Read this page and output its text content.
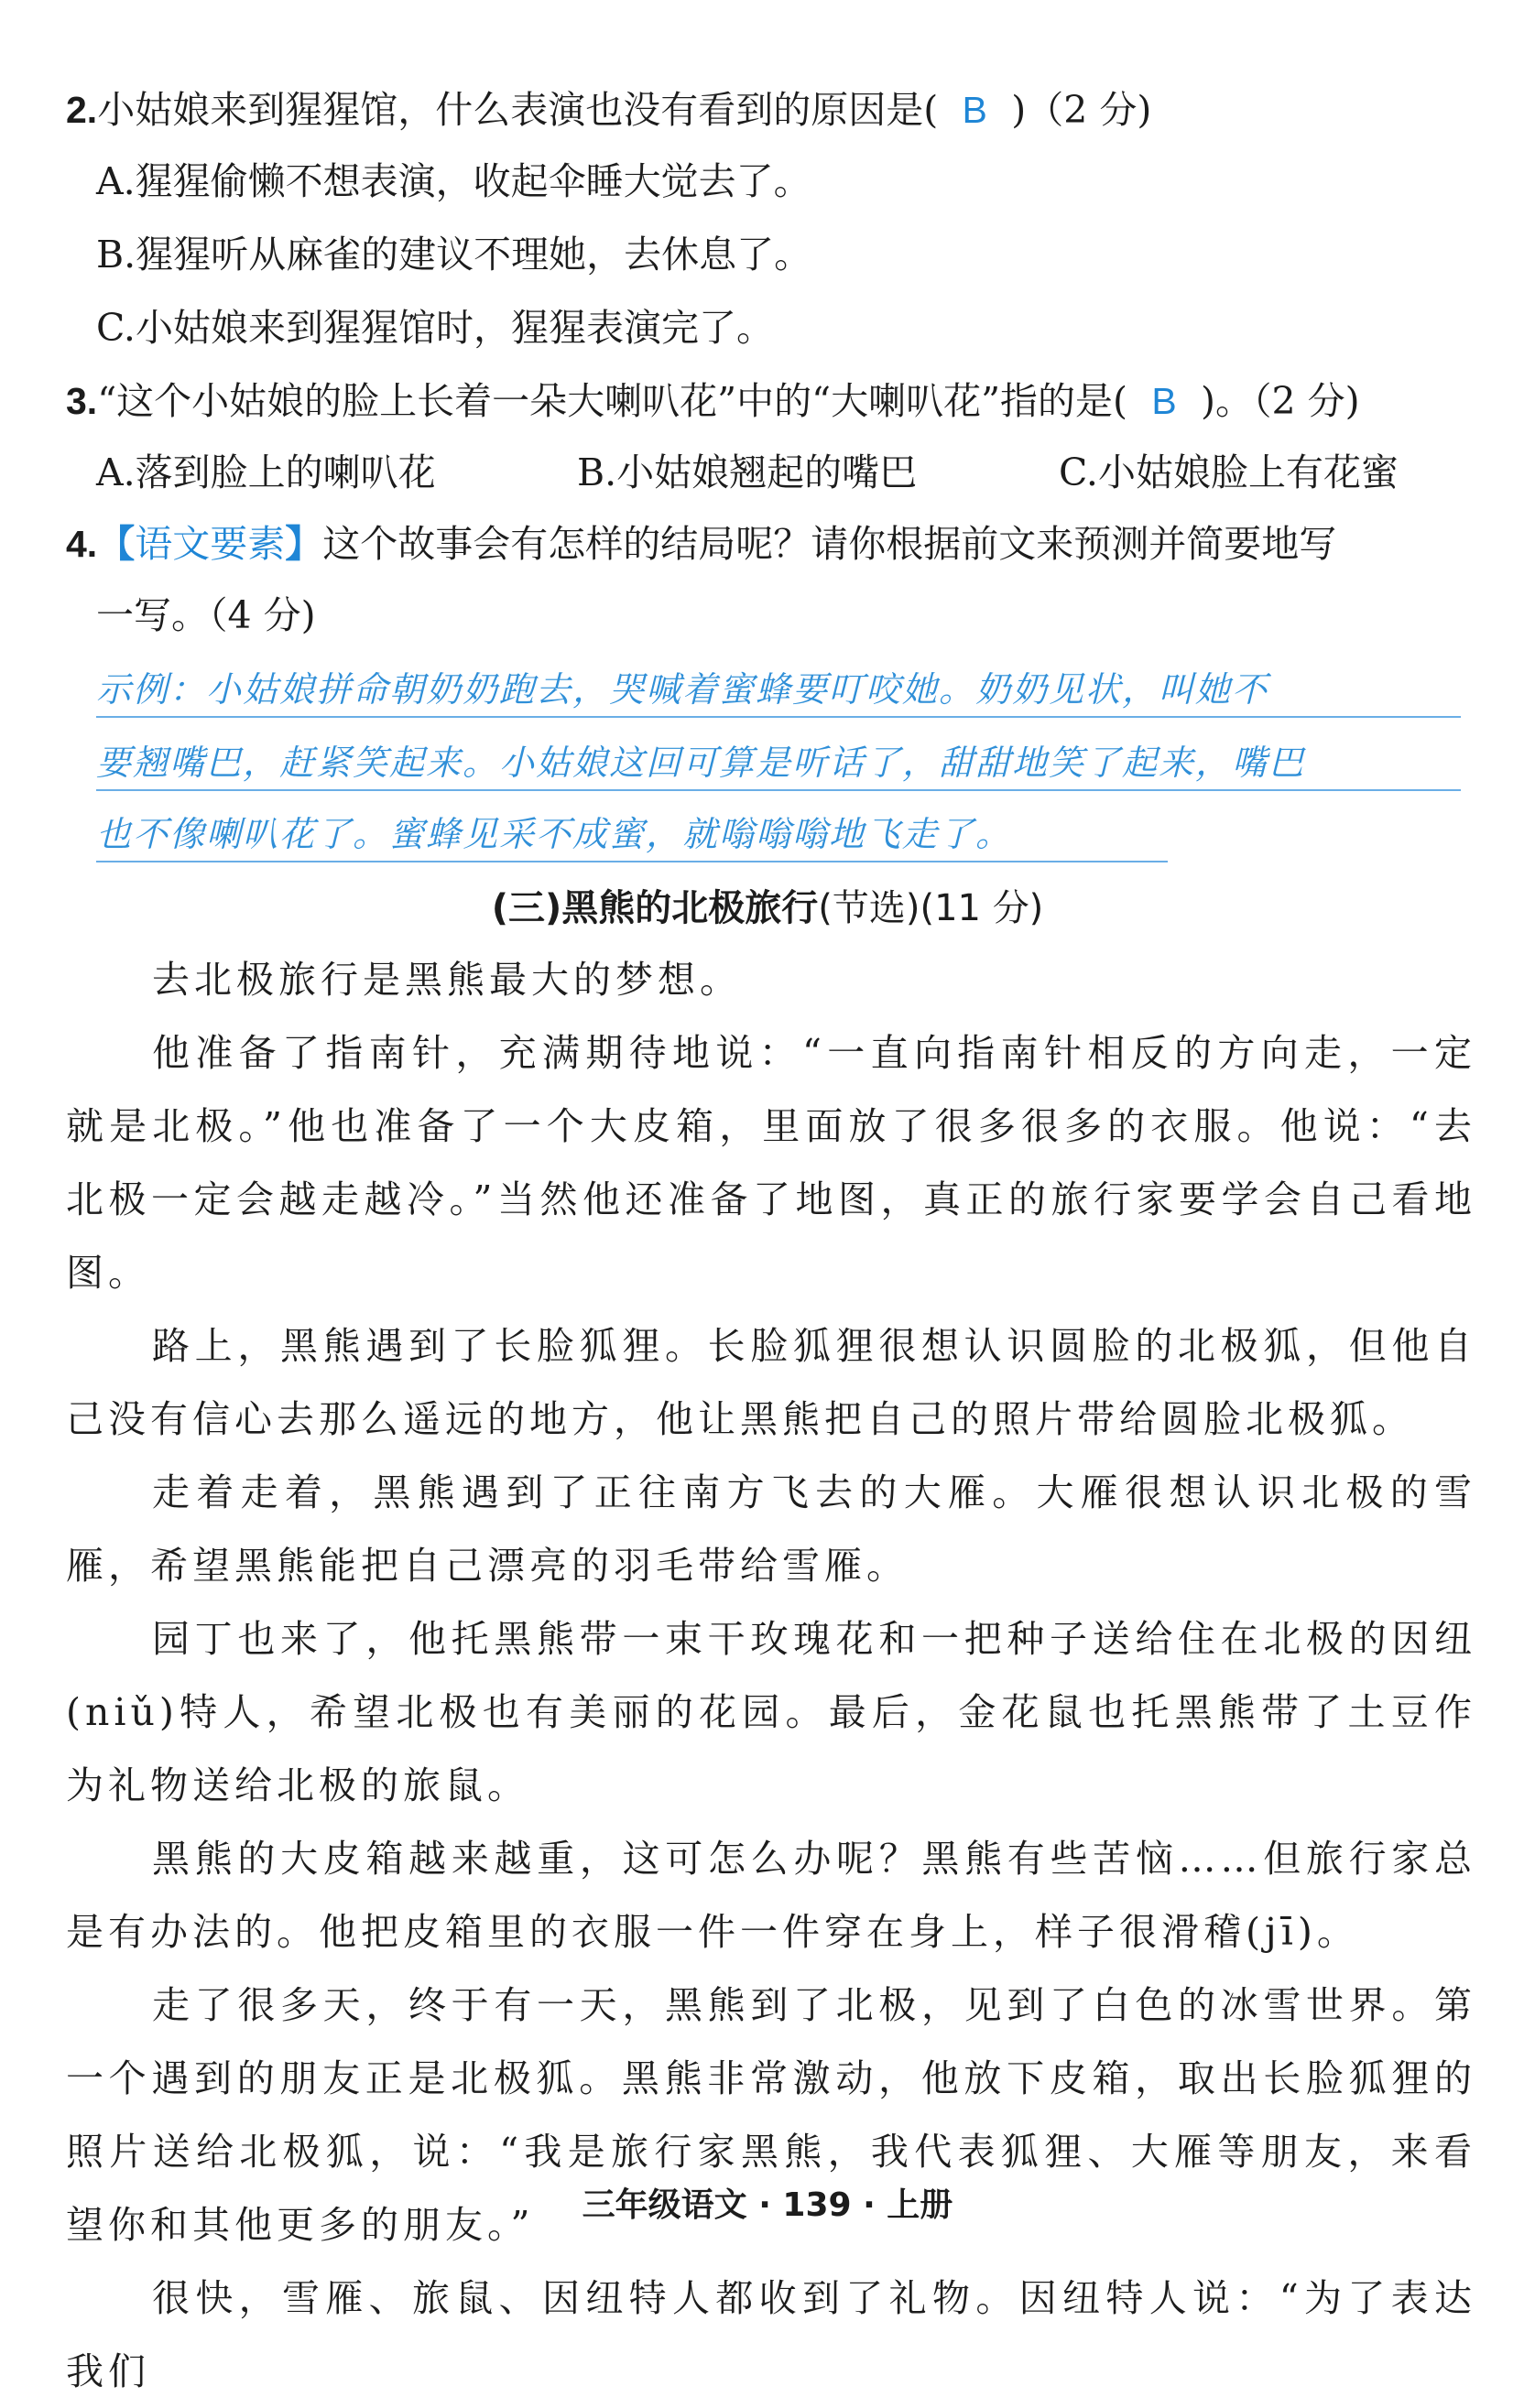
2.小姑娘来到猩猩馆，什么表演也没有看到的原因是( B )（2 分)
A.猩猩偷懒不想表演，收起伞睡大觉去了。
B.猩猩听从麻雀的建议不理她，去休息了。
C.小姑娘来到猩猩馆时，猩猩表演完了。
3.“这个小姑娘的脸上长着一朵大喇叭花”中的“大喇叭花”指的是( B )。（2 分)
A.落到脸上的喇叭花	B.小姑娘翘起的嘴巴	C.小姑娘脸上有花蜜
4.【语文要素】这个故事会有怎样的结局呢？请你根据前文来预测并简要地写
一写。（4 分)
示例：小姑娘拼命朝奶奶跑去，哭喊着蜜蜂要叮咬她。奶奶见状，叫她不
要翘嘴巴，赶紧笑起来。小姑娘这回可算是听话了，甜甜地笑了起来，嘴巴
也不像喇叭花了。蜜蜂见采不成蜜，就嗡嗡嗡地飞走了。
(三)黑熊的北极旅行(节选)(11 分)

去北极旅行是黑熊最大的梦想。

他准备了指南针，充满期待地说：“一直向指南针相反的方向走，一定就是北极。”他也准备了一个大皮箱，里面放了很多很多的衣服。他说：“去北极一定会越走越冷。”当然他还准备了地图，真正的旅行家要学会自己看地图。

路上，黑熊遇到了长脸狐狸。长脸狐狸很想认识圆脸的北极狐，但他自己没有信心去那么遥远的地方，他让黑熊把自己的照片带给圆脸北极狐。

走着走着，黑熊遇到了正往南方飞去的大雁。大雁很想认识北极的雪雁，希望黑熊能把自己漂亮的羽毛带给雪雁。

园丁也来了，他托黑熊带一束干玫瑰花和一把种子送给住在北极的因纽(niǔ)特人，希望北极也有美丽的花园。最后，金花鼠也托黑熊带了土豆作为礼物送给北极的旅鼠。

黑熊的大皮箱越来越重，这可怎么办呢？黑熊有些苦恼……但旅行家总是有办法的。他把皮箱里的衣服一件一件穿在身上，样子很滑稽(jī)。

走了很多天，终于有一天，黑熊到了北极，见到了白色的冰雪世界。第一个遇到的朋友正是北极狐。黑熊非常激动，他放下皮箱，取出长脸狐狸的照片送给北极狐，说：“我是旅行家黑熊，我代表狐狸、大雁等朋友，来看望你和其他更多的朋友。”

很快，雪雁、旅鼠、因纽特人都收到了礼物。因纽特人说：“为了表达我们

三年级语文 · 139 · 上册
